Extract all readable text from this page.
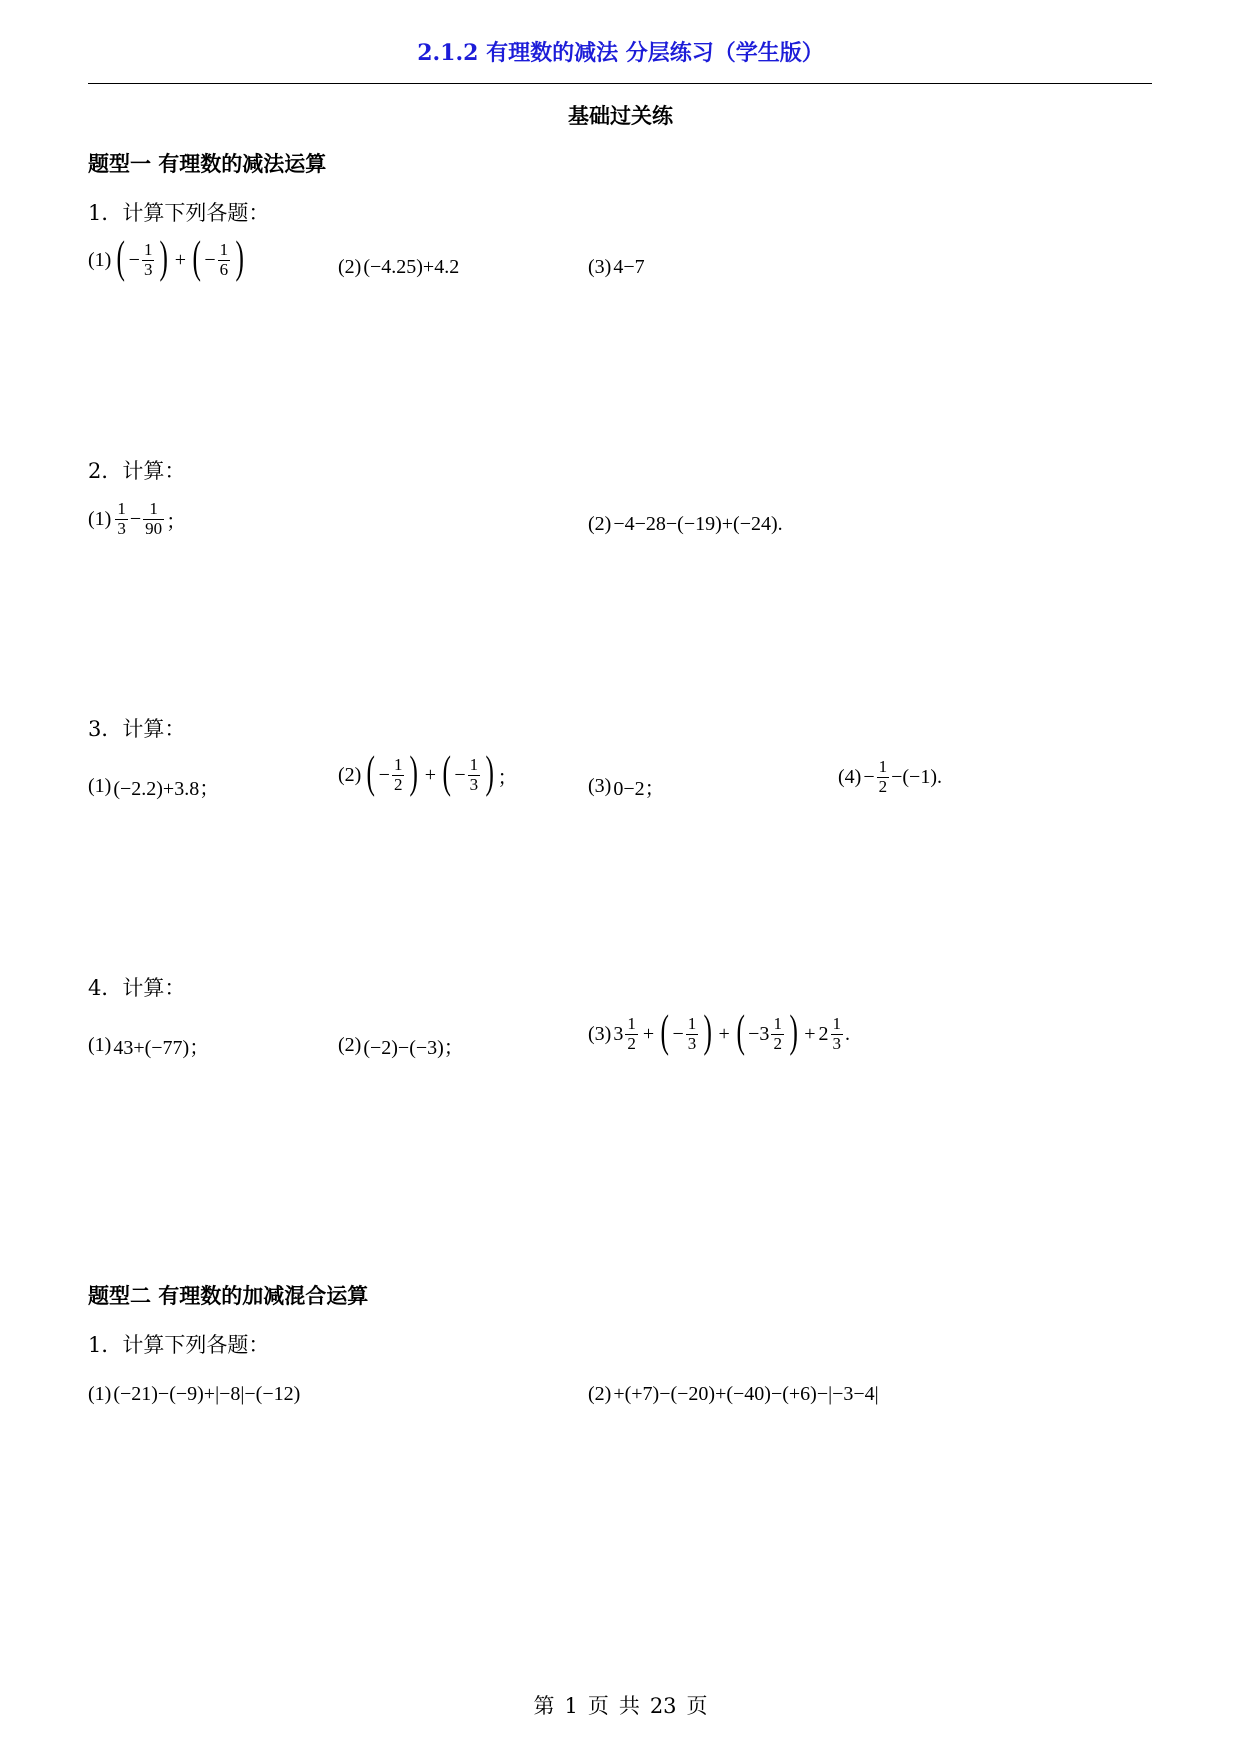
2.1.2 有理数的减法 分层练习（学生版）
基础过关练
题型一 有理数的减法运算
1．计算下列各题：
(1) ( − $\frac{1}{3}$ ) + ( − $\frac{1}{6}$ )	(2) (−4.25)+4.2	(3) 4−7
2．计算：
$(1) \frac{1}{3} - \frac{1}{90}$ ；	(2) −4−28−(−19)+(−24).
3．计算：
(1) (−2.2)+3.8；
(2) ( − $\frac{1}{2}$ ) + ( − $\frac{1}{3}$ ) ；	(3) 0−2；
$(4) - \frac{1}{2} -(-1)$.
4．计算：
(1) 43+(−77)；	(2) (−2)−(−3)；
(3) $3 \frac{1}{2}$ + ( − $\frac{1}{3}$ ) + ( $-3 \frac{1}{2}$ ) + $2 \frac{1}{3}$ .
题型二 有理数的加减混合运算
1．计算下列各题：
(1) (−21)−(−9)+|−8|−(−12)	(2) +(+7)−(−20)+(−40)−(+6)−|−3−4|
第 1 页 共 23 页
